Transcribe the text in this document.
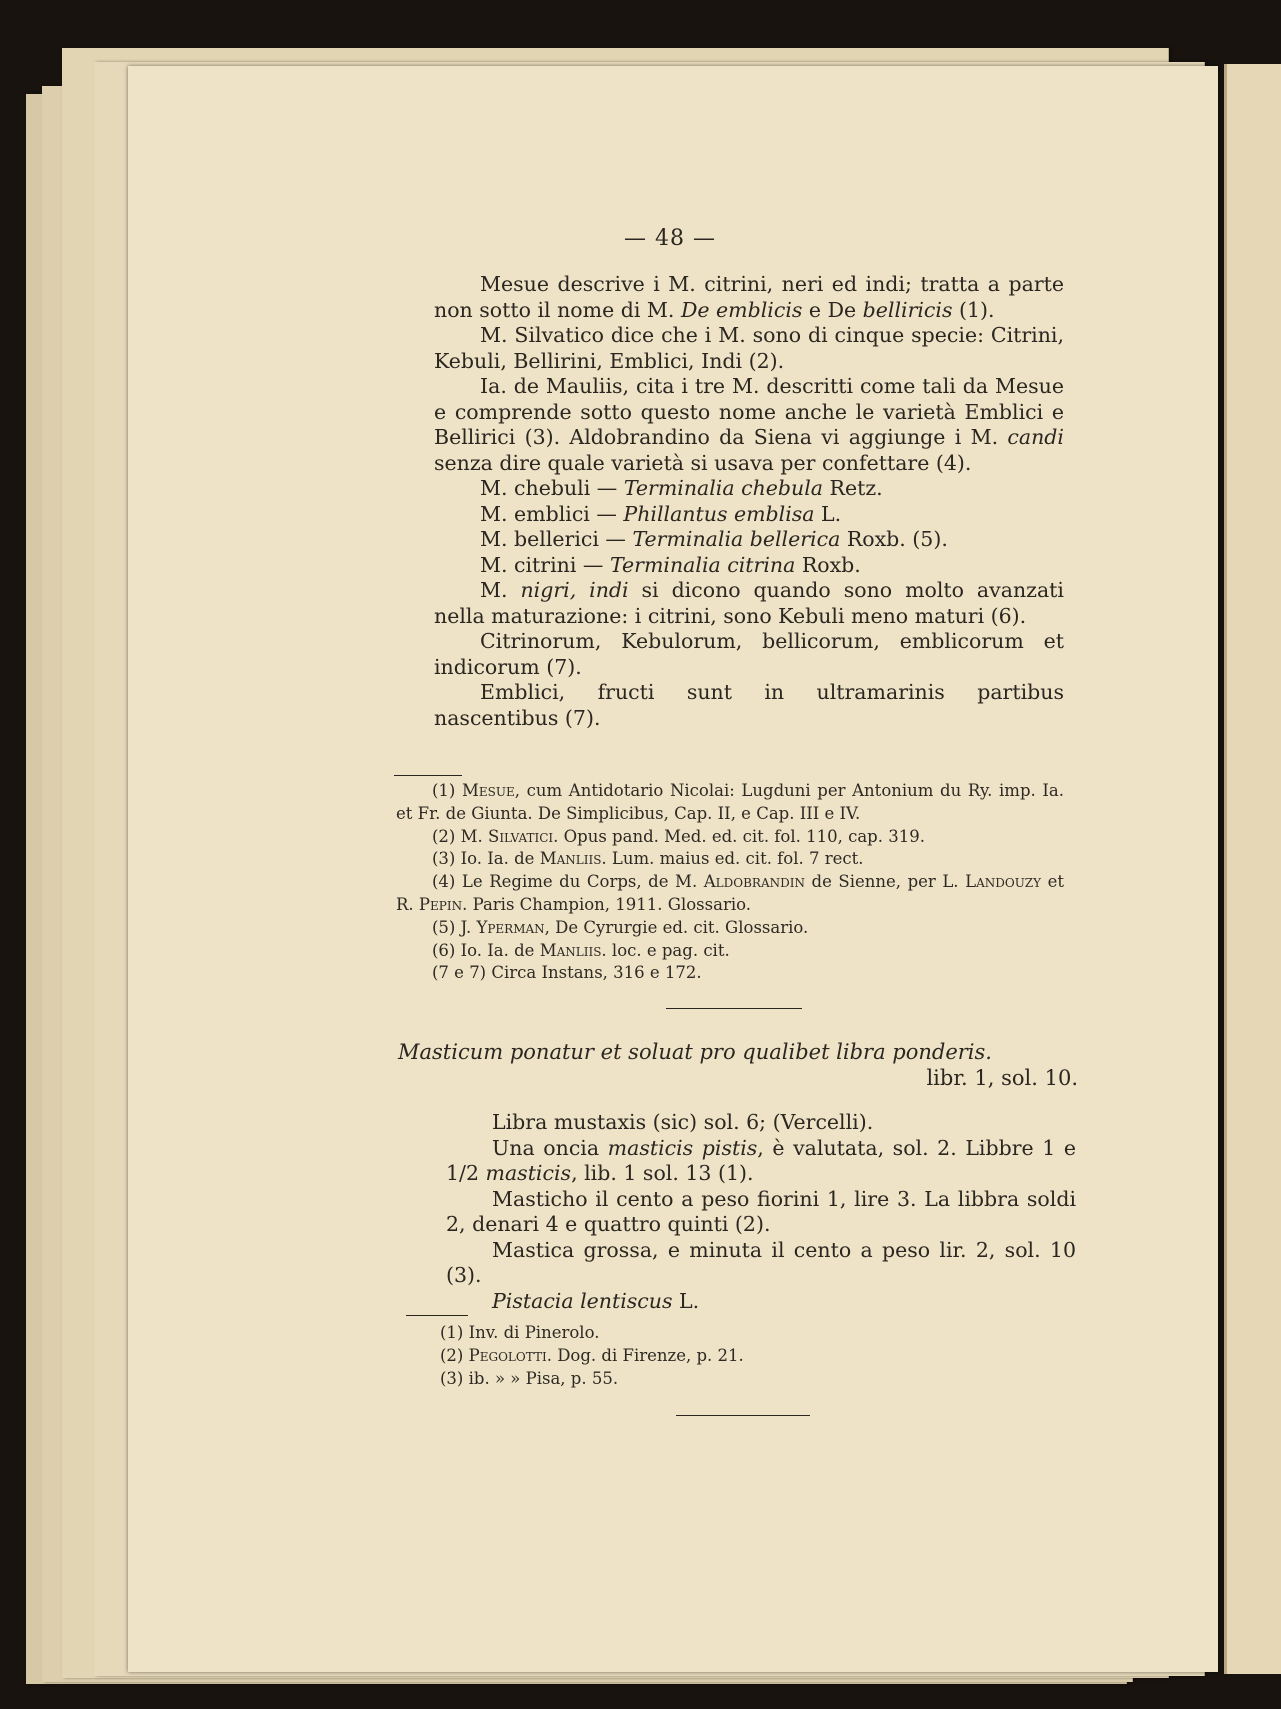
— 48 —

Mesue descrive i M. citrini, neri ed indi; tratta a parte non sotto il nome di M. De emblicis e De belliricis (1).

M. Silvatico dice che i M. sono di cinque specie: Citrini, Kebuli, Bellirini, Emblici, Indi (2).

Ia. de Mauliis, cita i tre M. descritti come tali da Mesue e comprende sotto questo nome anche le varietà Emblici e Bellirici (3). Aldobrandino da Siena vi aggiunge i M. candi senza dire quale varietà si usava per confettare (4).

M. chebuli — Terminalia chebula Retz.

M. emblici — Phillantus emblisa L.

M. bellerici — Terminalia bellerica Roxb. (5).

M. citrini — Terminalia citrina Roxb.

M. nigri, indi si dicono quando sono molto avanzati nella maturazione: i citrini, sono Kebuli meno maturi (6).

Citrinorum, Kebulorum, bellicorum, emblicorum et indicorum (7).

Emblici, fructi sunt in ultramarinis partibus nascentibus (7).

(1) Mesue, cum Antidotario Nicolai: Lugduni per Antonium du Ry. imp. Ia. et Fr. de Giunta. De Simplicibus, Cap. II, e Cap. III e IV.

(2) M. Silvatici. Opus pand. Med. ed. cit. fol. 110, cap. 319.

(3) Io. Ia. de Manliis. Lum. maius ed. cit. fol. 7 rect.

(4) Le Regime du Corps, de M. Aldobrandin de Sienne, per L. Landouzy et R. Pepin. Paris Champion, 1911. Glossario.

(5) J. Yperman, De Cyrurgie ed. cit. Glossario.

(6) Io. Ia. de Manliis. loc. e pag. cit.

(7 e 7) Circa Instans, 316 e 172.

Masticum ponatur et soluat pro qualibet libra ponderis.

libr. 1, sol. 10.

Libra mustaxis (sic) sol. 6; (Vercelli).

Una oncia masticis pistis, è valutata, sol. 2. Libbre 1 e 1/2 masticis, lib. 1 sol. 13 (1).

Masticho il cento a peso fiorini 1, lire 3. La libbra soldi 2, denari 4 e quattro quinti (2).

Mastica grossa, e minuta il cento a peso lir. 2, sol. 10 (3).

Pistacia lentiscus L.

(1) Inv. di Pinerolo.

(2) Pegolotti. Dog. di Firenze, p. 21.

(3) ib. » » Pisa, p. 55.
